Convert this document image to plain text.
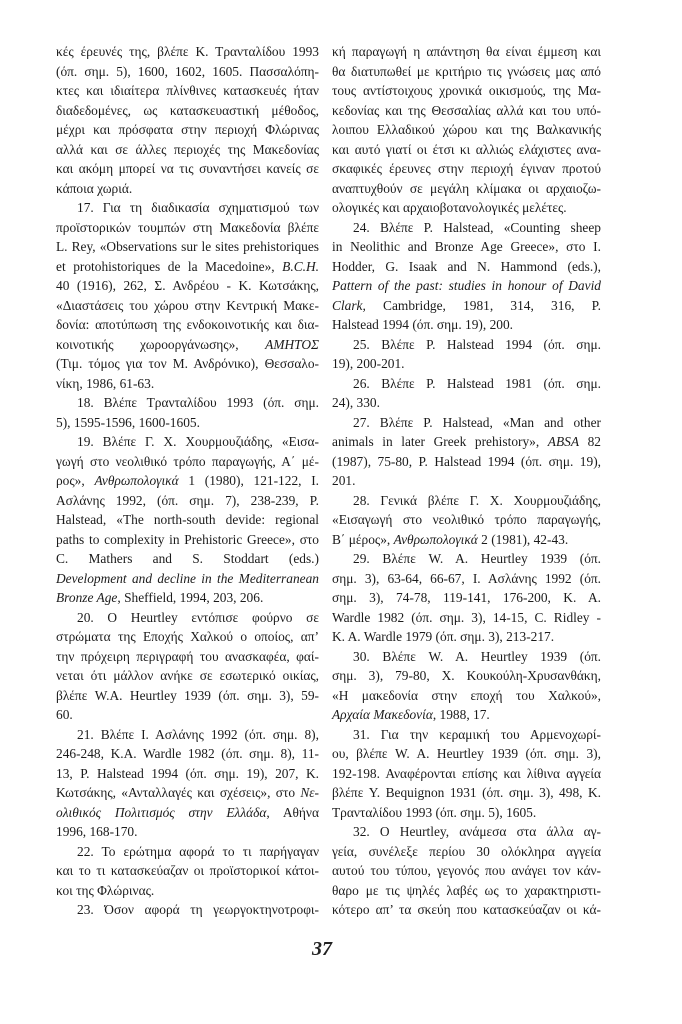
κές έρευνές της, βλέπε Κ. Τρανταλίδου 1993
(όπ. σημ. 5), 1600, 1602, 1605. Πασσαλόπη-
κτες και ιδιαίτερα πλίνθινες κατασκευές ήταν
διαδεδομένες, ως κατασκευαστική μέθοδος,
μέχρι και πρόσφατα στην περιοχή Φλώρινας
αλλά και σε άλλες περιοχές της Μακεδονίας
και ακόμη μπορεί να τις συναντήσει κανείς σε
κάποια χωριά.
17. Για τη διαδικασία σχηματισμού των
προϊστορικών τουμπών στη Μακεδονία βλέπε
L. Rey, «Observations sur le sites prehistoriques
et protohistoriques de la Macedoine», B.C.H.
40 (1916), 262, Σ. Ανδρέου - Κ. Κωτσάκης,
«Διαστάσεις του χώρου στην Κεντρική Μακε-
δονία: αποτύπωση της ενδοκοινοτικής και δια-
κοινοτικής χωροοργάνωσης», ΑΜΗΤΟΣ
(Τιμ. τόμος για τον Μ. Ανδρόνικο), Θεσσαλο-
νίκη, 1986, 61-63.
18. Βλέπε Τρανταλίδου 1993 (όπ. σημ.
5), 1595-1596, 1600-1605.
19. Βλέπε Γ. Χ. Χουρμουζιάδης, «Εισα-
γωγή στο νεολιθικό τρόπο παραγωγής, Α΄ μέ-
ρος», Ανθρωπολογικά 1 (1980), 121-122, Ι.
Ασλάνης 1992, (όπ. σημ. 7), 238-239, P.
Halstead, «The north-south devide: regional
paths to complexity in Prehistoric Greece», στο
C. Mathers and S. Stoddart (eds.)
Development and decline in the Mediterranean
Bronze Age, Sheffield, 1994, 203, 206.
20. Ο Heurtley εντόπισε φούρνο σε
στρώματα της Εποχής Χαλκού ο οποίος, απ’
την πρόχειρη περιγραφή του ανασκαφέα, φαί-
νεται ότι μάλλον ανήκε σε εσωτερικό οικίας,
βλέπε W.A. Heurtley 1939 (όπ. σημ. 3), 59-
60.
21. Βλέπε Ι. Ασλάνης 1992 (όπ. σημ. 8),
246-248, K.A. Wardle 1982 (όπ. σημ. 8), 11-
13, P. Halstead 1994 (όπ. σημ. 19), 207, Κ.
Κωτσάκης, «Ανταλλαγές και σχέσεις», στο Νε-
ολιθικός Πολιτισμός στην Ελλάδα, Αθήνα
1996, 168-170.
22. Το ερώτημα αφορά το τι παρήγαγαν
και το τι κατασκεύαζαν οι προϊστορικοί κάτοι-
κοι της Φλώρινας.
23. Όσον αφορά τη γεωργοκτηνοτροφι-
κή παραγωγή η απάντηση θα είναι έμμεση και
θα διατυπωθεί με κριτήριο τις γνώσεις μας από
τους αντίστοιχους χρονικά οικισμούς, της Μα-
κεδονίας και της Θεσσαλίας αλλά και του υπό-
λοιπου Ελλαδικού χώρου και της Βαλκανικής
και αυτό γιατί οι έτσι κι αλλιώς ελάχιστες ανα-
σκαφικές έρευνες στην περιοχή έγιναν προτού
αναπτυχθούν σε μεγάλη κλίμακα οι αρχαιοζω-
ολογικές και αρχαιοβοτανολογικές μελέτες.
24. Βλέπε P. Halstead, «Counting sheep
in Neolithic and Bronze Age Greece», στο I.
Hodder, G. Isaak and N. Hammond (eds.),
Pattern of the past: studies in honour of David
Clark, Cambridge, 1981, 314, 316, P.
Halstead 1994 (όπ. σημ. 19), 200.
25. Βλέπε P. Halstead 1994 (όπ. σημ.
19), 200-201.
26. Βλέπε P. Halstead 1981 (όπ. σημ.
24), 330.
27. Βλέπε P. Halstead, «Man and other
animals in later Greek prehistory», ABSA 82
(1987), 75-80, P. Halstead 1994 (όπ. σημ. 19),
201.
28. Γενικά βλέπε Γ. Χ. Χουρμουζιάδης,
«Εισαγωγή στο νεολιθικό τρόπο παραγωγής,
Β΄ μέρος», Ανθρωπολογικά 2 (1981), 42-43.
29. Βλέπε W. A. Heurtley 1939 (όπ.
σημ. 3), 63-64, 66-67, Ι. Ασλάνης 1992 (όπ.
σημ. 3), 74-78, 119-141, 176-200, K. A.
Wardle 1982 (όπ. σημ. 3), 14-15, C. Ridley -
K. A. Wardle 1979 (όπ. σημ. 3), 213-217.
30. Βλέπε W. A. Heurtley 1939 (όπ.
σημ. 3), 79-80, Χ. Κουκούλη-Χρυσανθάκη,
«Η μακεδονία στην εποχή του Χαλκού»,
Αρχαία Μακεδονία, 1988, 17.
31. Για την κεραμική του Αρμενοχωρί-
ου, βλέπε W. A. Heurtley 1939 (όπ. σημ. 3),
192-198. Αναφέρονται επίσης και λίθινα αγγεία
βλέπε Y. Bequignon 1931 (όπ. σημ. 3), 498, Κ.
Τρανταλίδου 1993 (όπ. σημ. 5), 1605.
32. Ο Heurtley, ανάμεσα στα άλλα αγ-
γεία, συνέλεξε περίου 30 ολόκληρα αγγεία
αυτού του τύπου, γεγονός που ανάγει τον κάν-
θαρο με τις ψηλές λαβές ως το χαρακτηριστι-
κότερο απ’ τα σκεύη που κατασκεύαζαν οι κά-
37
